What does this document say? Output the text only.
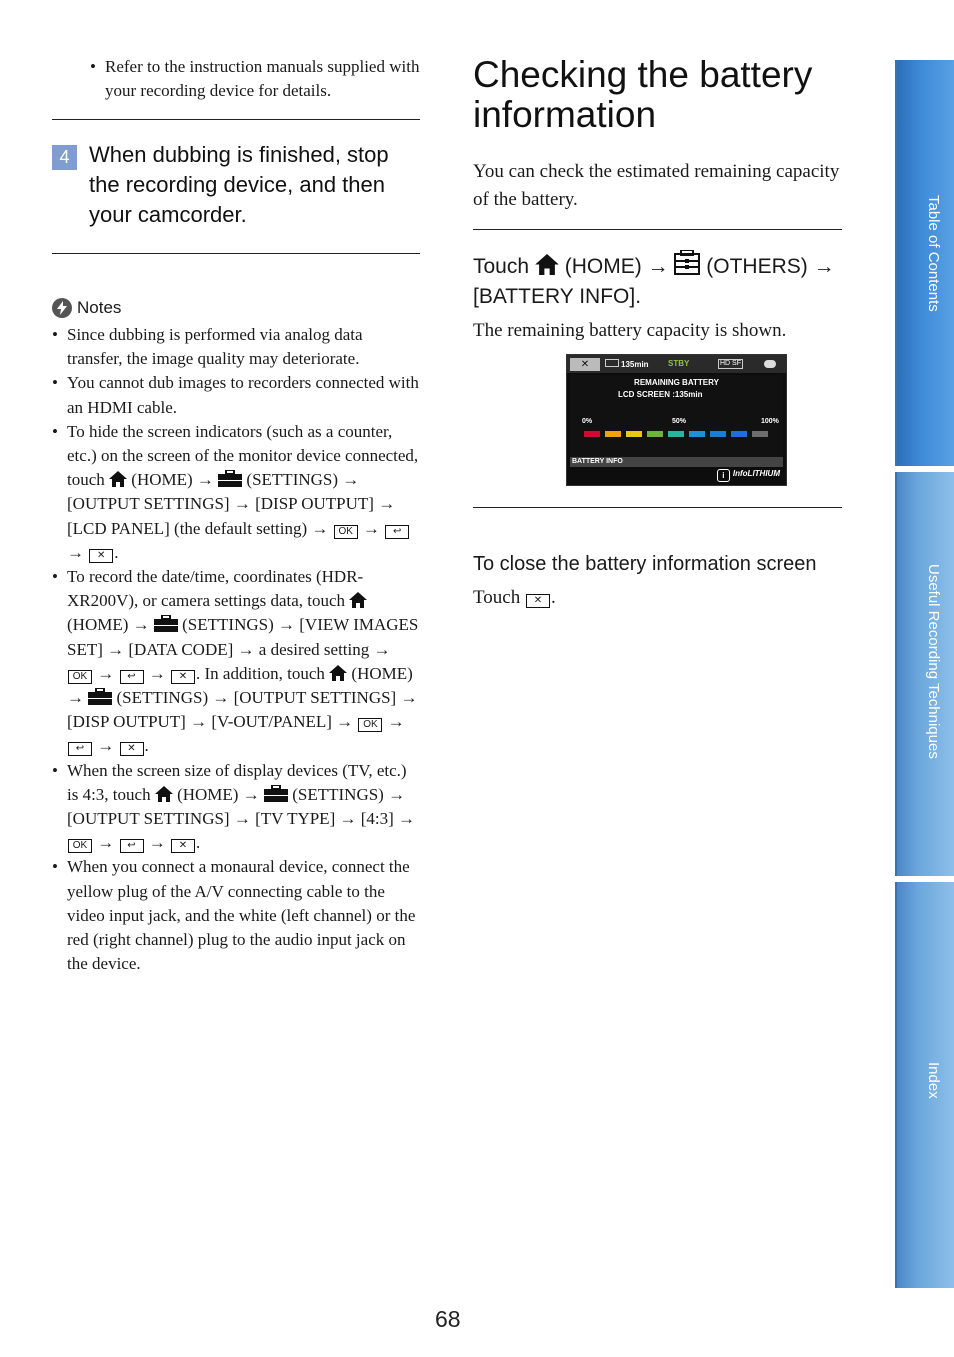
• Refer to the instruction manuals supplied with your recording device for details.
4 When dubbing is finished, stop the recording device, and then your camcorder.
Notes
• Since dubbing is performed via analog data transfer, the image quality may deteriorate.
• You cannot dub images to recorders connected with an HDMI cable.
• To hide the screen indicators (such as a counter, etc.) on the screen of the monitor device connected, touch (HOME) → (SETTINGS) → [OUTPUT SETTINGS] → [DISP OUTPUT] → [LCD PANEL] (the default setting) → OK → ↩ → ✕ .
• To record the date/time, coordinates (HDR-XR200V), or camera settings data, touch  (HOME) → (SETTINGS) → [VIEW IMAGES SET] → [DATA CODE] → a desired setting → OK → ↩ → ✕ . In addition, touch (HOME) → (SETTINGS) → [OUTPUT SETTINGS] → [DISP OUTPUT] → [V-OUT/PANEL] → OK → ↩ → ✕ .
• When the screen size of display devices (TV, etc.) is 4:3, touch (HOME) → (SETTINGS) → [OUTPUT SETTINGS] → [TV TYPE] → [4:3] → OK → ↩ → ✕ .
• When you connect a monaural device, connect the yellow plug of the A/V connecting cable to the video input jack, and the white (left channel) or the red (right channel) plug to the audio input jack on the device.
Checking the battery information
You can check the estimated remaining capacity of the battery.
Touch (HOME) → (OTHERS) → [BATTERY INFO].
The remaining battery capacity is shown.
✕	135min STBY	HD SF
REMAINING BATTERY
LCD SCREEN :135min
0%	50%	100%
BATTERY INFO
i InfoLITHIUM
To close the battery information screen
Touch ✕ .
Table of Contents
Useful Recording Techniques
Index
68
